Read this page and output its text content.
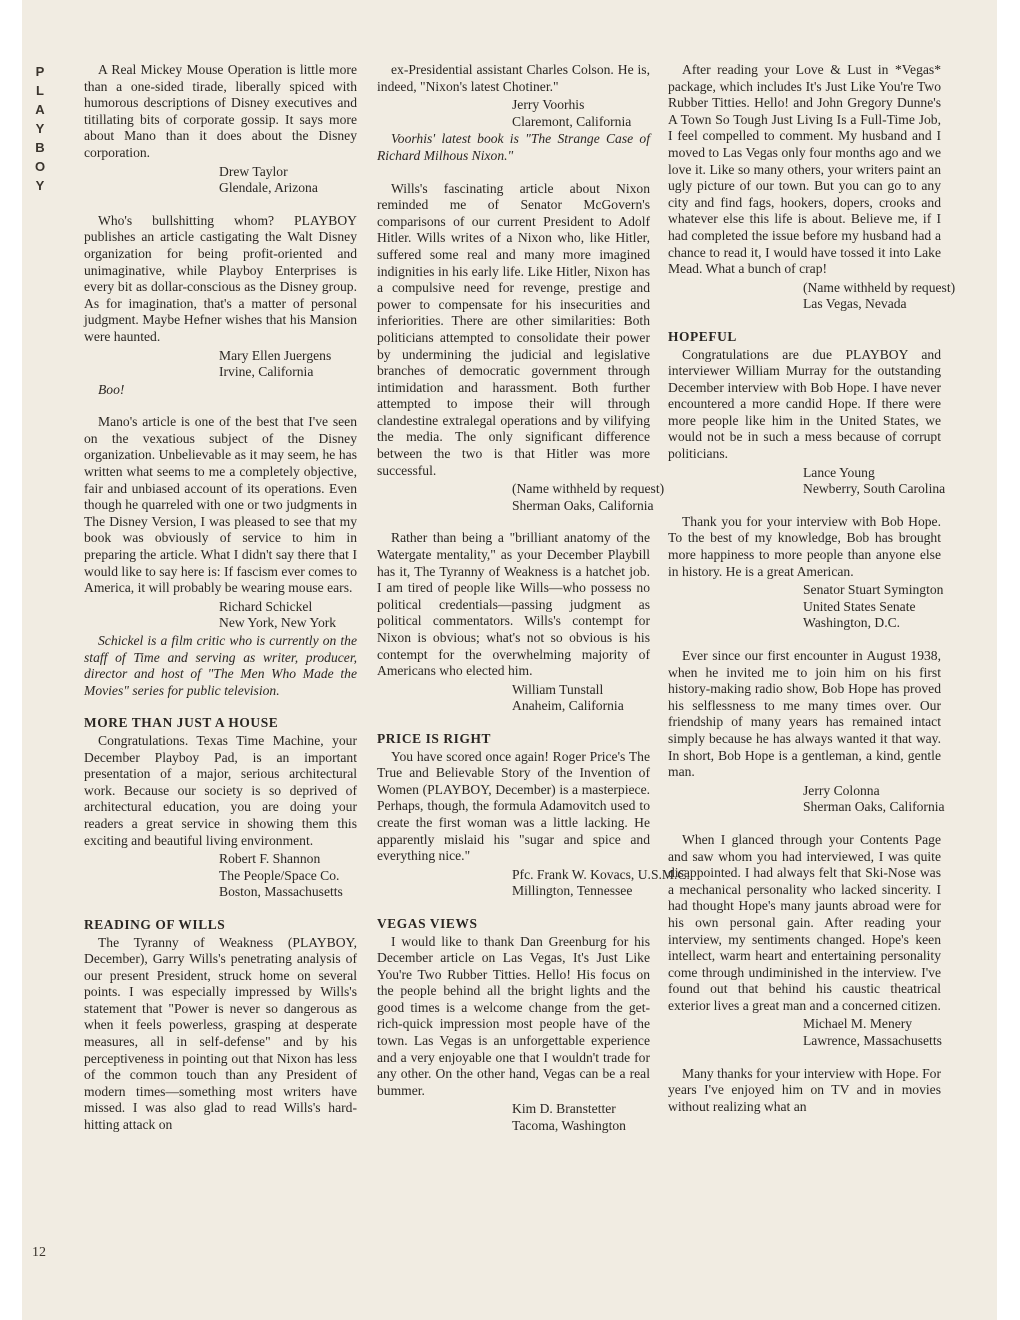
P
L
A
Y
B
O
Y

A Real Mickey Mouse Operation is little more than a one-sided tirade, liberally spiced with humorous descriptions of Disney executives and titillating bits of corporate gossip. It says more about Mano than it does about the Disney corporation.

Drew Taylor
Glendale, Arizona

Who's bullshitting whom? PLAYBOY publishes an article castigating the Walt Disney organization for being profit-oriented and unimaginative, while Playboy Enterprises is every bit as dollar-conscious as the Disney group. As for imagination, that's a matter of personal judgment. Maybe Hefner wishes that his Mansion were haunted.

Mary Ellen Juergens
Irvine, California
Boo!

Mano's article is one of the best that I've seen on the vexatious subject of the Disney organization. Unbelievable as it may seem, he has written what seems to me a completely objective, fair and unbiased account of its operations. Even though he quarreled with one or two judgments in The Disney Version, I was pleased to see that my book was obviously of service to him in preparing the article. What I didn't say there that I would like to say here is: If fascism ever comes to America, it will probably be wearing mouse ears.

Richard Schickel
New York, New York
Schickel is a film critic who is currently on the staff of Time and serving as writer, producer, director and host of "The Men Who Made the Movies" series for public television.
MORE THAN JUST A HOUSE

Congratulations. Texas Time Machine, your December Playboy Pad, is an important presentation of a major, serious architectural work. Because our society is so deprived of architectural education, you are doing your readers a great service in showing them this exciting and beautiful living environment.

Robert F. Shannon
The People/Space Co.
Boston, Massachusetts
READING OF WILLS

The Tyranny of Weakness (PLAYBOY, December), Garry Wills's penetrating analysis of our present President, struck home on several points. I was especially impressed by Wills's statement that "Power is never so dangerous as when it feels powerless, grasping at desperate measures, all in self-defense" and by his perceptiveness in pointing out that Nixon has less of the common touch than any President of modern times—something most writers have missed. I was also glad to read Wills's hard-hitting attack on

ex-Presidential assistant Charles Colson. He is, indeed, "Nixon's latest Chotiner."

Jerry Voorhis
Claremont, California
Voorhis' latest book is "The Strange Case of Richard Milhous Nixon."

Wills's fascinating article about Nixon reminded me of Senator McGovern's comparisons of our current President to Adolf Hitler. Wills writes of a Nixon who, like Hitler, suffered some real and many more imagined indignities in his early life. Like Hitler, Nixon has a compulsive need for revenge, prestige and power to compensate for his insecurities and inferiorities. There are other similarities: Both politicians attempted to consolidate their power by undermining the judicial and legislative branches of democratic government through intimidation and harassment. Both further attempted to impose their will through clandestine extralegal operations and by vilifying the media. The only significant difference between the two is that Hitler was more successful.

(Name withheld by request)
Sherman Oaks, California

Rather than being a "brilliant anatomy of the Watergate mentality," as your December Playbill has it, The Tyranny of Weakness is a hatchet job. I am tired of people like Wills—who possess no political credentials—passing judgment as political commentators. Wills's contempt for Nixon is obvious; what's not so obvious is his contempt for the overwhelming majority of Americans who elected him.

William Tunstall
Anaheim, California
PRICE IS RIGHT

You have scored once again! Roger Price's The True and Believable Story of the Invention of Women (PLAYBOY, December) is a masterpiece. Perhaps, though, the formula Adamovitch used to create the first woman was a little lacking. He apparently mislaid his "sugar and spice and everything nice."

Pfc. Frank W. Kovacs, U.S.M.C.
Millington, Tennessee
VEGAS VIEWS

I would like to thank Dan Greenburg for his December article on Las Vegas, It's Just Like You're Two Rubber Titties. Hello! His focus on the people behind all the bright lights and the good times is a welcome change from the get-rich-quick impression most people have of the town. Las Vegas is an unforgettable experience and a very enjoyable one that I wouldn't trade for any other. On the other hand, Vegas can be a real bummer.

Kim D. Branstetter
Tacoma, Washington

After reading your Love & Lust in *Vegas* package, which includes It's Just Like You're Two Rubber Titties. Hello! and John Gregory Dunne's A Town So Tough Just Living Is a Full-Time Job, I feel compelled to comment. My husband and I moved to Las Vegas only four months ago and we love it. Like so many others, your writers paint an ugly picture of our town. But you can go to any city and find fags, hookers, dopers, crooks and whatever else this life is about. Believe me, if I had completed the issue before my husband had a chance to read it, I would have tossed it into Lake Mead. What a bunch of crap!

(Name withheld by request)
Las Vegas, Nevada
HOPEFUL

Congratulations are due PLAYBOY and interviewer William Murray for the outstanding December interview with Bob Hope. I have never encountered a more candid Hope. If there were more people like him in the United States, we would not be in such a mess because of corrupt politicians.

Lance Young
Newberry, South Carolina

Thank you for your interview with Bob Hope. To the best of my knowledge, Bob has brought more happiness to more people than anyone else in history. He is a great American.

Senator Stuart Symington
United States Senate
Washington, D.C.

Ever since our first encounter in August 1938, when he invited me to join him on his first history-making radio show, Bob Hope has proved his selflessness to me many times over. Our friendship of many years has remained intact simply because he has always wanted it that way. In short, Bob Hope is a gentleman, a kind, gentle man.

Jerry Colonna
Sherman Oaks, California

When I glanced through your Contents Page and saw whom you had interviewed, I was quite disappointed. I had always felt that Ski-Nose was a mechanical personality who lacked sincerity. I had thought Hope's many jaunts abroad were for his own personal gain. After reading your interview, my sentiments changed. Hope's keen intellect, warm heart and entertaining personality come through undiminished in the interview. I've found out that behind his caustic theatrical exterior lives a great man and a concerned citizen.

Michael M. Menery
Lawrence, Massachusetts

Many thanks for your interview with Hope. For years I've enjoyed him on TV and in movies without realizing what an

12
